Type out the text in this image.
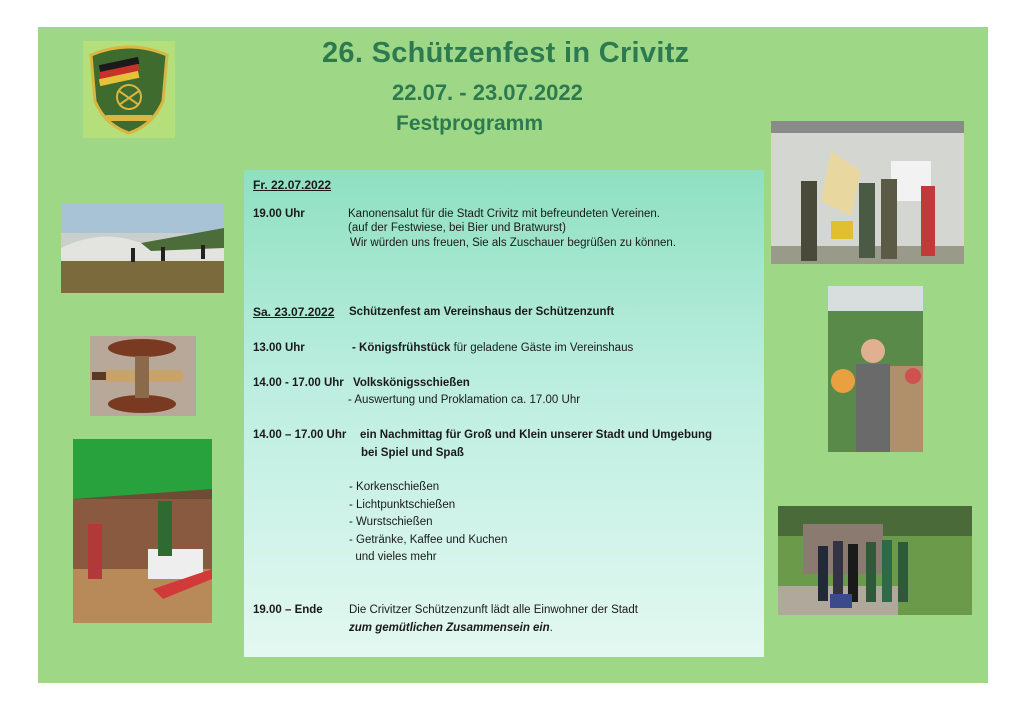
26. Schützenfest in Crivitz
22.07. - 23.07.2022
Festprogramm
Fr. 22.07.2022
19.00 Uhr	Kanonensalut für die Stadt Crivitz mit befreundeten Vereinen.
(auf der Festwiese, bei Bier und Bratwurst)
Wir würden uns freuen, Sie als Zuschauer begrüßen zu können.
Sa. 23.07.2022 Schützenfest am Vereinshaus der Schützenzunft
13.00 Uhr	- Königsfrühstück für geladene Gäste im Vereinshaus
14.00 - 17.00 Uhr Volkskönigsschießen
- Auswertung und Proklamation ca. 17.00 Uhr
14.00 – 17.00 Uhr ein Nachmittag für Groß und Klein unserer Stadt und Umgebung
bei Spiel und Spaß
- Korkenschießen
- Lichtpunktschießen
- Wurstschießen
- Getränke, Kaffee und Kuchen
und vieles mehr
19.00 – Ende Die Crivitzer Schützenzunft lädt alle Einwohner der Stadt
zum gemütlichen Zusammensein ein.
